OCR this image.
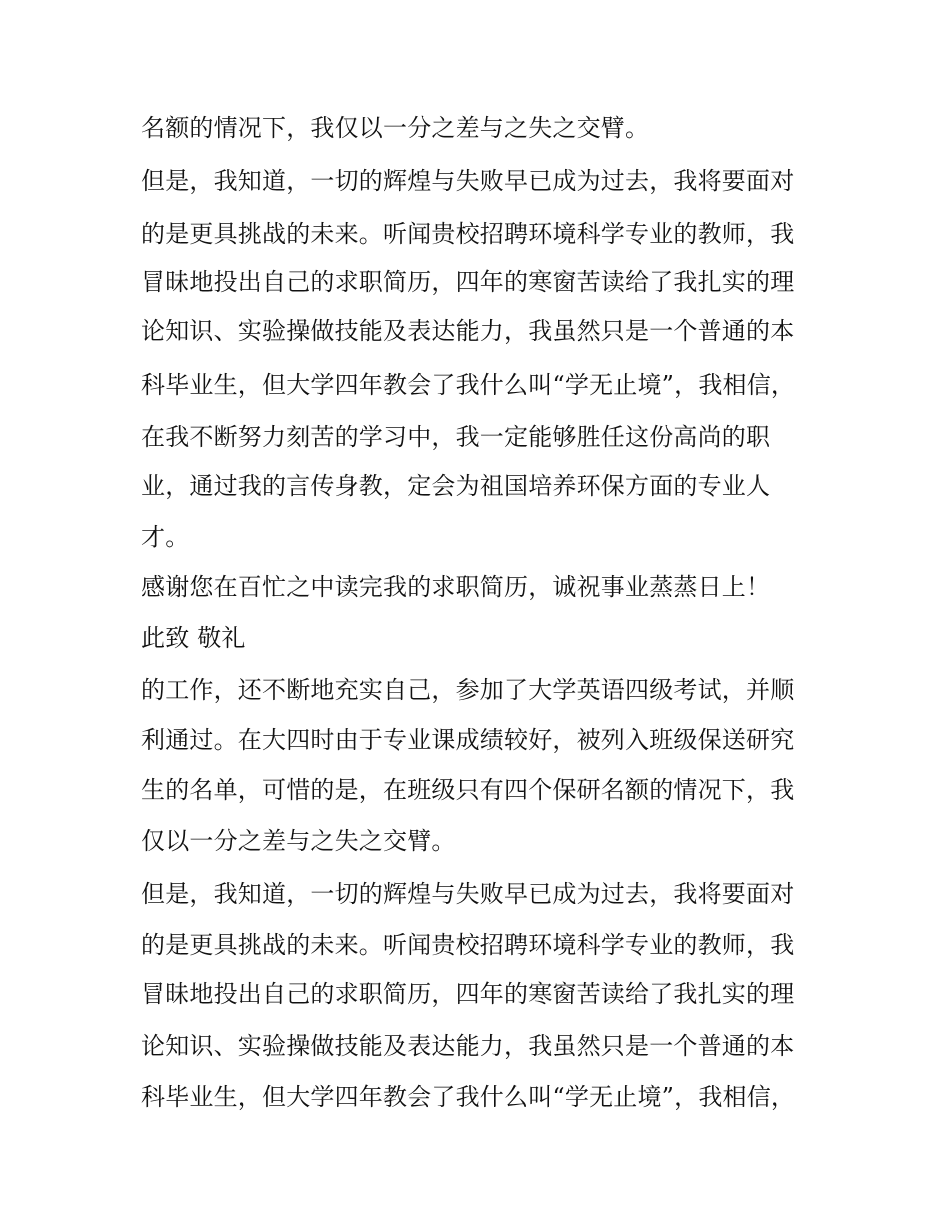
名额的情况下，我仅以一分之差与之失之交臂。
但是，我知道，一切的辉煌与失败早已成为过去，我将要面对
的是更具挑战的未来。听闻贵校招聘环境科学专业的教师，我
冒昧地投出自己的求职简历，四年的寒窗苦读给了我扎实的理
论知识、实验操做技能及表达能力，我虽然只是一个普通的本
科毕业生，但大学四年教会了我什么叫“学无止境”，我相信，
在我不断努力刻苦的学习中，我一定能够胜任这份高尚的职
业，通过我的言传身教，定会为祖国培养环保方面的专业人
才。
感谢您在百忙之中读完我的求职简历，诚祝事业蒸蒸日上！
此致 敬礼
的工作，还不断地充实自己，参加了大学英语四级考试，并顺
利通过。在大四时由于专业课成绩较好，被列入班级保送研究
生的名单，可惜的是，在班级只有四个保研名额的情况下，我
仅以一分之差与之失之交臂。
但是，我知道，一切的辉煌与失败早已成为过去，我将要面对
的是更具挑战的未来。听闻贵校招聘环境科学专业的教师，我
冒昧地投出自己的求职简历，四年的寒窗苦读给了我扎实的理
论知识、实验操做技能及表达能力，我虽然只是一个普通的本
科毕业生，但大学四年教会了我什么叫“学无止境”，我相信，
